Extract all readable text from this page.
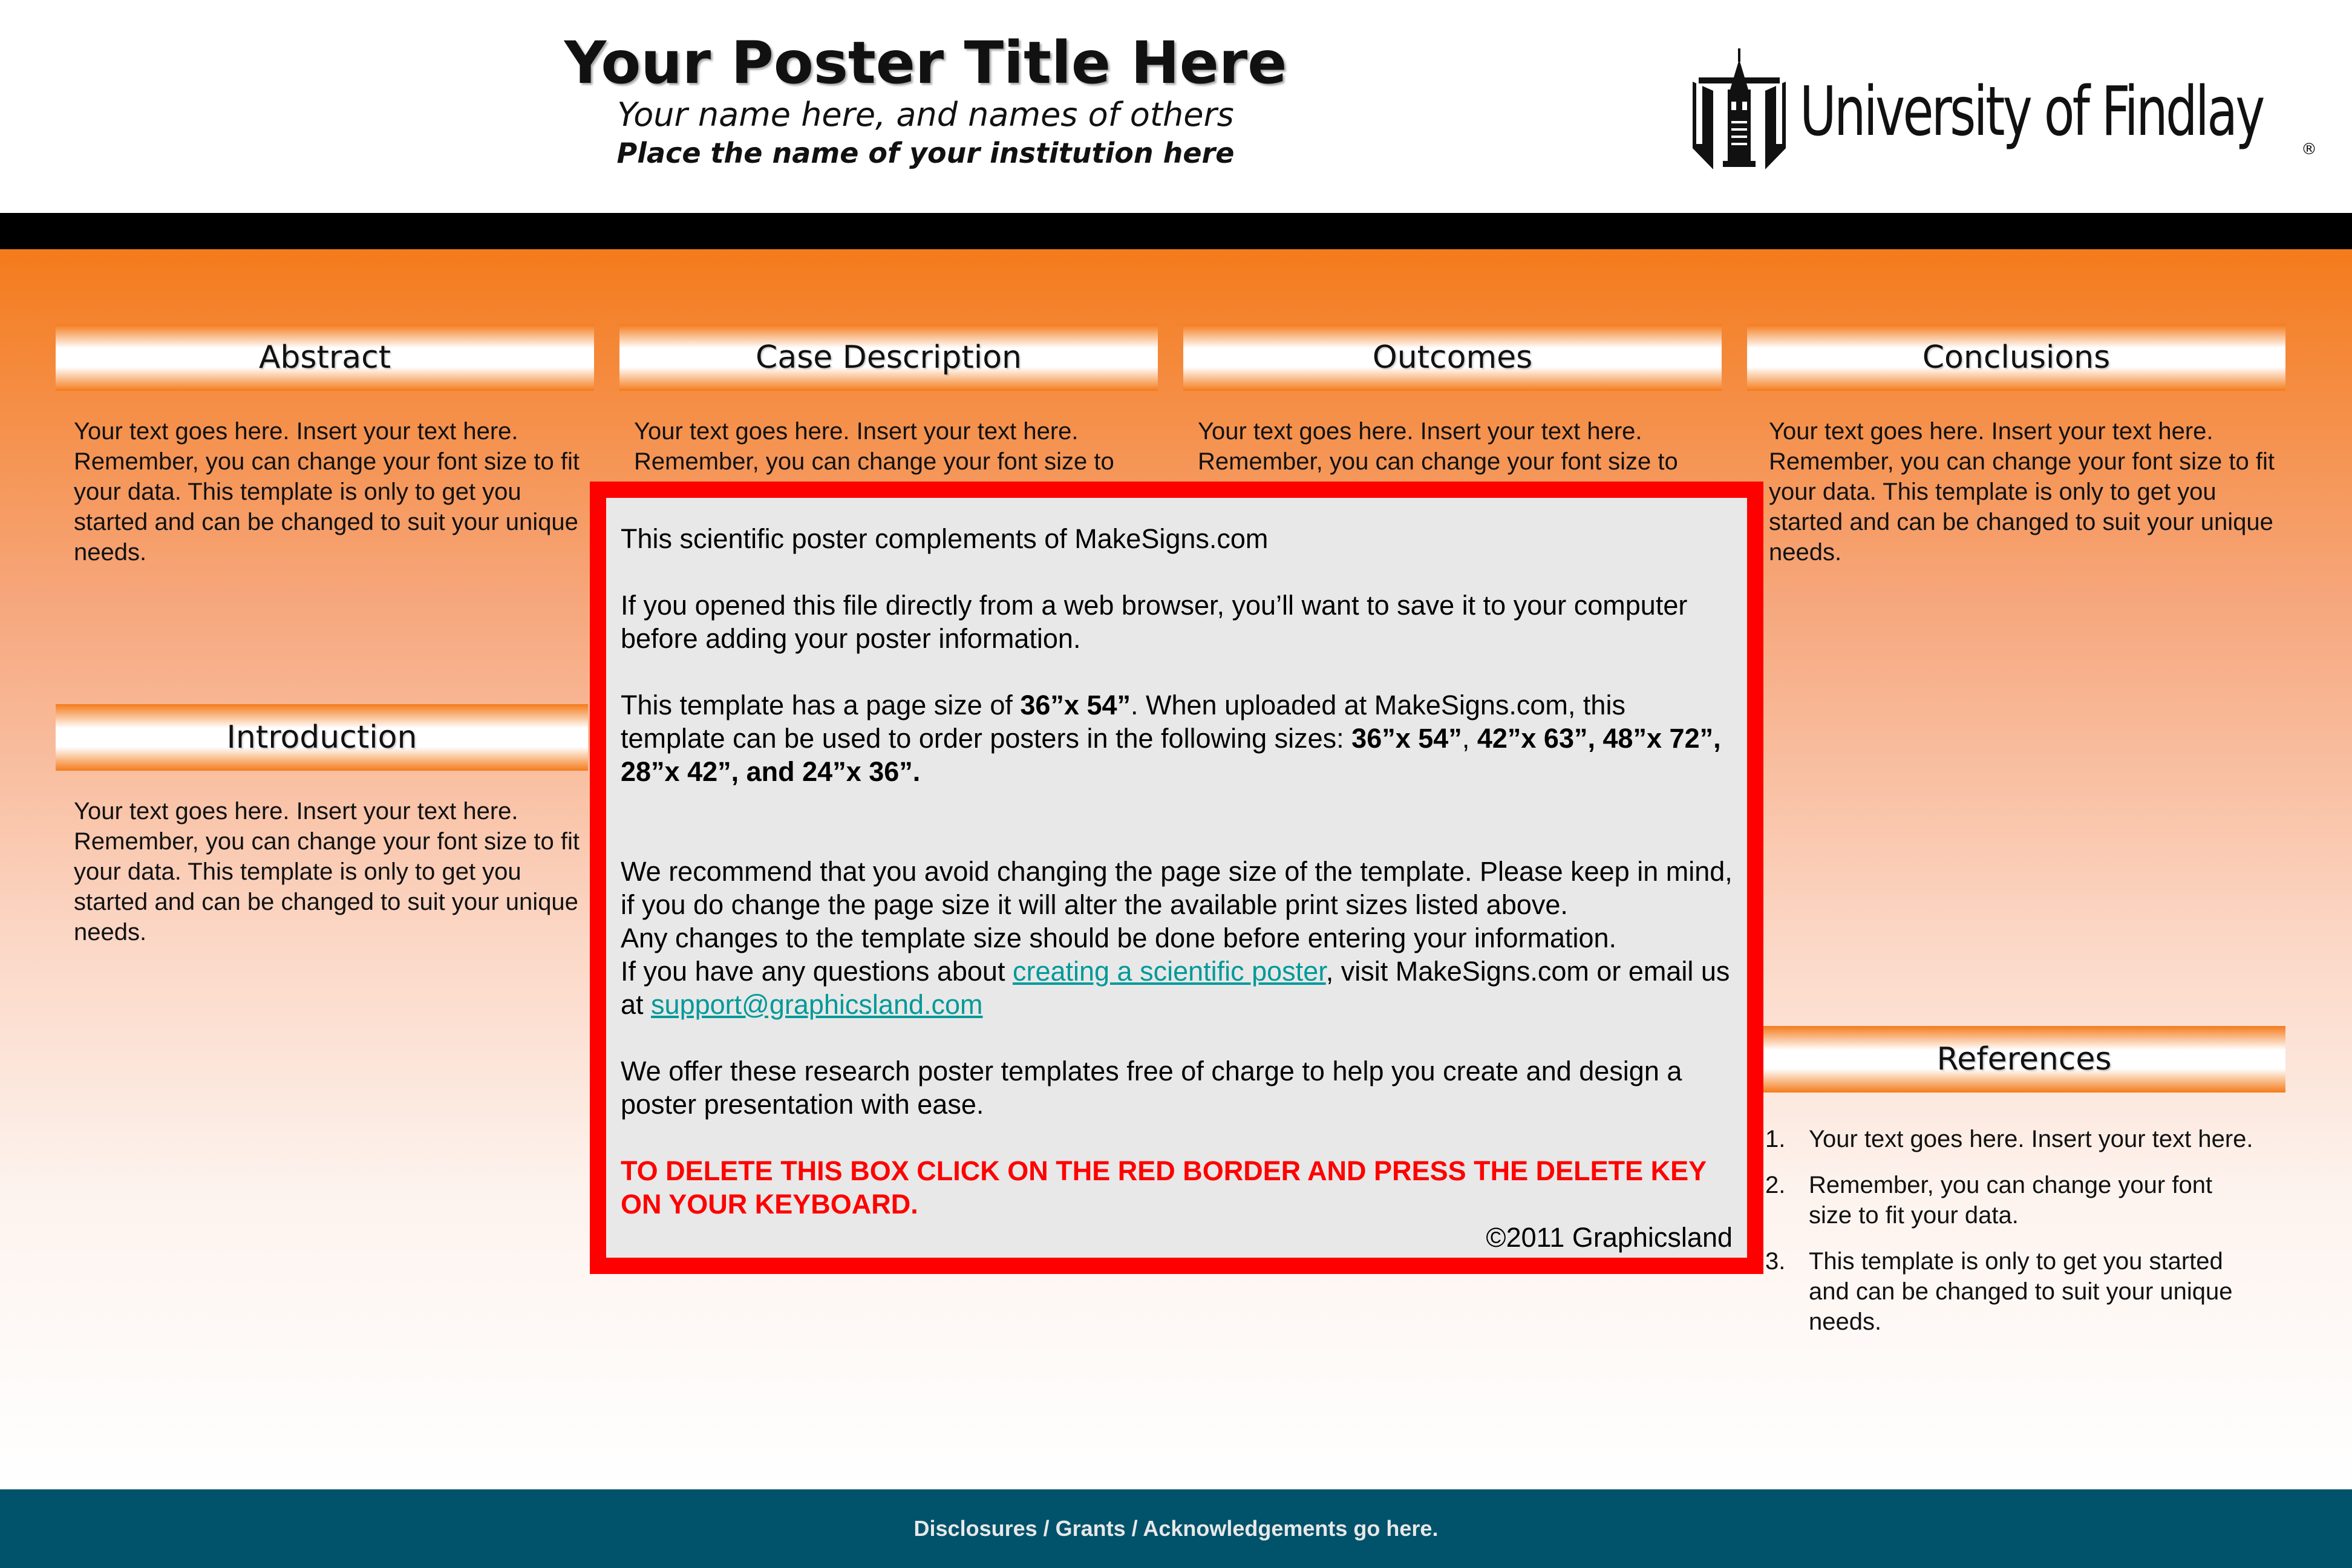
Your Poster Title Here
Your name here, and names of others
Place the name of your institution here
University of Findlay ®
Abstract

Your text goes here. Insert your text here. Remember, you can change your font size to fit your data. This template is only to get you started and can be changed to suit your unique needs.

Introduction

Your text goes here. Insert your text here. Remember, you can change your font size to fit your data. This template is only to get you started and can be changed to suit your unique needs.

Case Description

Your text goes here. Insert your text here. Remember, you can change your font size to

Outcomes

Your text goes here. Insert your text here. Remember, you can change your font size to

Conclusions

Your text goes here. Insert your text here. Remember, you can change your font size to fit your data. This template is only to get you started and can be changed to suit your unique needs.

References
1. Your text goes here. Insert your text here.
2. Remember, you can change your font size to fit your data.
3. This template is only to get you started and can be changed to suit your unique needs.

This scientific poster complements of MakeSigns.com

If you opened this file directly from a web browser, you’ll want to save it to your computer before adding your poster information.

This template has a page size of 36”x 54”. When uploaded at MakeSigns.com, this template can be used to order posters in the following sizes: 36”x 54”, 42”x 63”, 48”x 72”, 28”x 42”, and 24”x 36”.

We recommend that you avoid changing the page size of the template. Please keep in mind, if you do change the page size it will alter the available print sizes listed above.

Any changes to the template size should be done before entering your information.

If you have any questions about creating a scientific poster, visit MakeSigns.com or email us at support@graphicsland.com

We offer these research poster templates free of charge to help you create and design a poster presentation with ease.

TO DELETE THIS BOX CLICK ON THE RED BORDER AND PRESS THE DELETE KEY ON YOUR KEYBOARD.

©2011 Graphicsland

Disclosures / Grants / Acknowledgements go here.
